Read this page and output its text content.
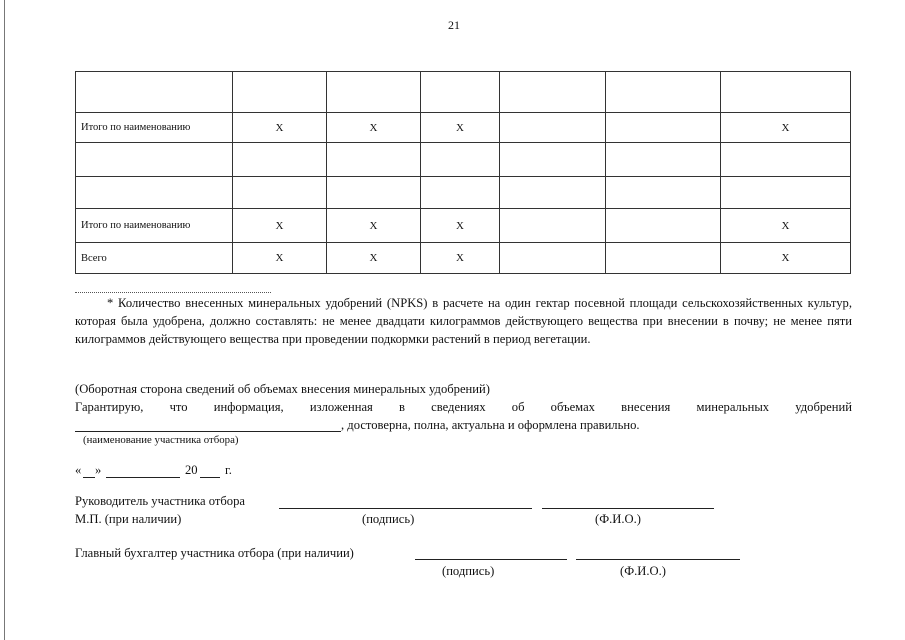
21

Итого по наименованию	Х	Х	Х			Х

Итого по наименованию	Х	Х	Х			Х
Всего	Х	Х	Х			Х

* Количество внесенных минеральных удобрений (NPKS) в расчете на один гектар посевной площади сельскохозяйственных культур, которая была удобрена, должно составлять: не менее двадцати килограммов действующего вещества при внесении в почву; не менее пяти килограммов действующего вещества при проведении подкормки растений в период вегетации.

(Оборотная сторона сведений об объемах внесения минеральных удобрений)

Гарантирую, что информация, изложенная в сведениях об объемах внесения минеральных удобрений

, достоверна, полна, актуальна и оформлена правильно.

(наименование участника отбора)
« »	20 г.
Руководитель участника отбора
М.П. (при наличии)	(подпись)	(Ф.И.О.)
Главный бухгалтер участника отбора (при наличии)
(подпись)	(Ф.И.О.)
